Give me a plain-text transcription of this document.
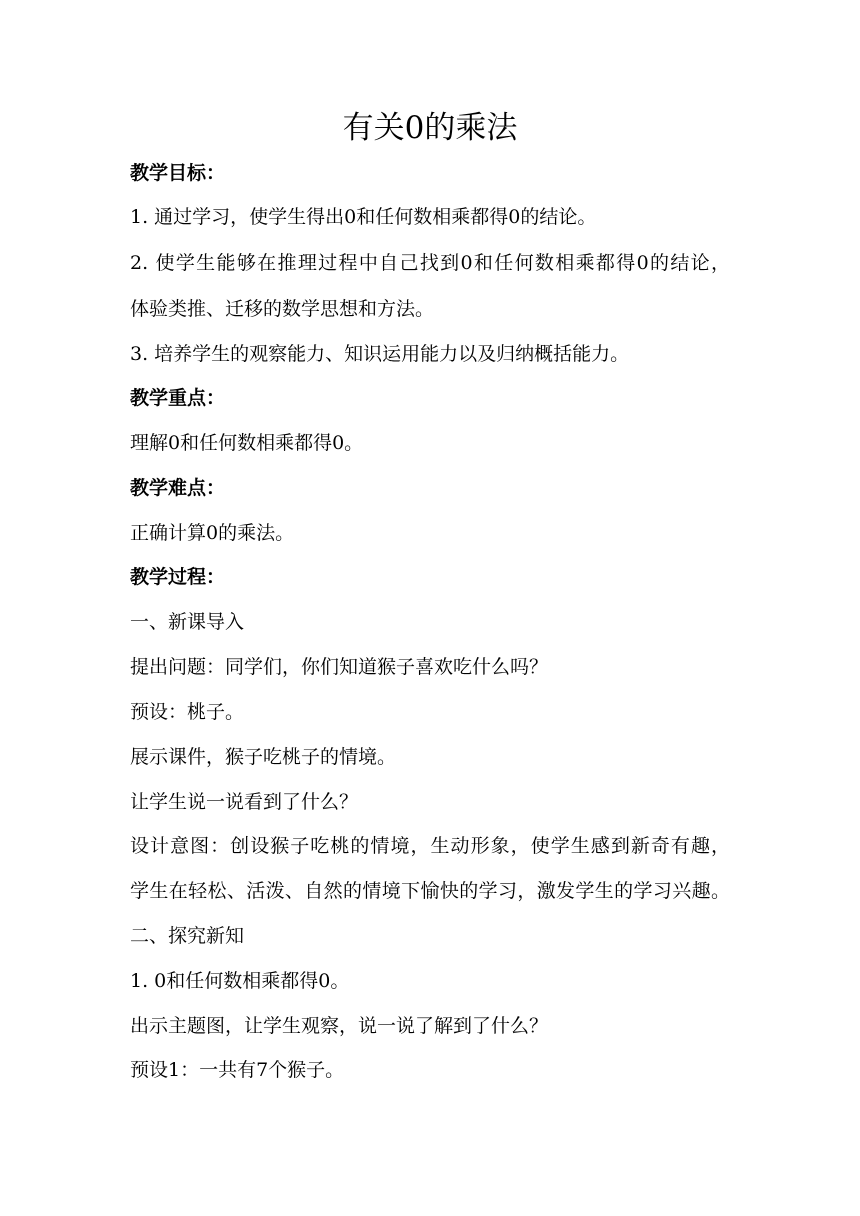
有关0的乘法
教学目标：
1. 通过学习，使学生得出0和任何数相乘都得0的结论。
2. 使学生能够在推理过程中自己找到0和任何数相乘都得0的结论，
体验类推、迁移的数学思想和方法。
3. 培养学生的观察能力、知识运用能力以及归纳概括能力。
教学重点：
理解0和任何数相乘都得0。
教学难点：
正确计算0的乘法。
教学过程：
一、新课导入
提出问题：同学们，你们知道猴子喜欢吃什么吗？
预设：桃子。
展示课件，猴子吃桃子的情境。
让学生说一说看到了什么？
设计意图：创设猴子吃桃的情境，生动形象，使学生感到新奇有趣，
学生在轻松、活泼、自然的情境下愉快的学习，激发学生的学习兴趣。
二、探究新知
1. 0和任何数相乘都得0。
出示主题图，让学生观察，说一说了解到了什么？
预设1：一共有7个猴子。
